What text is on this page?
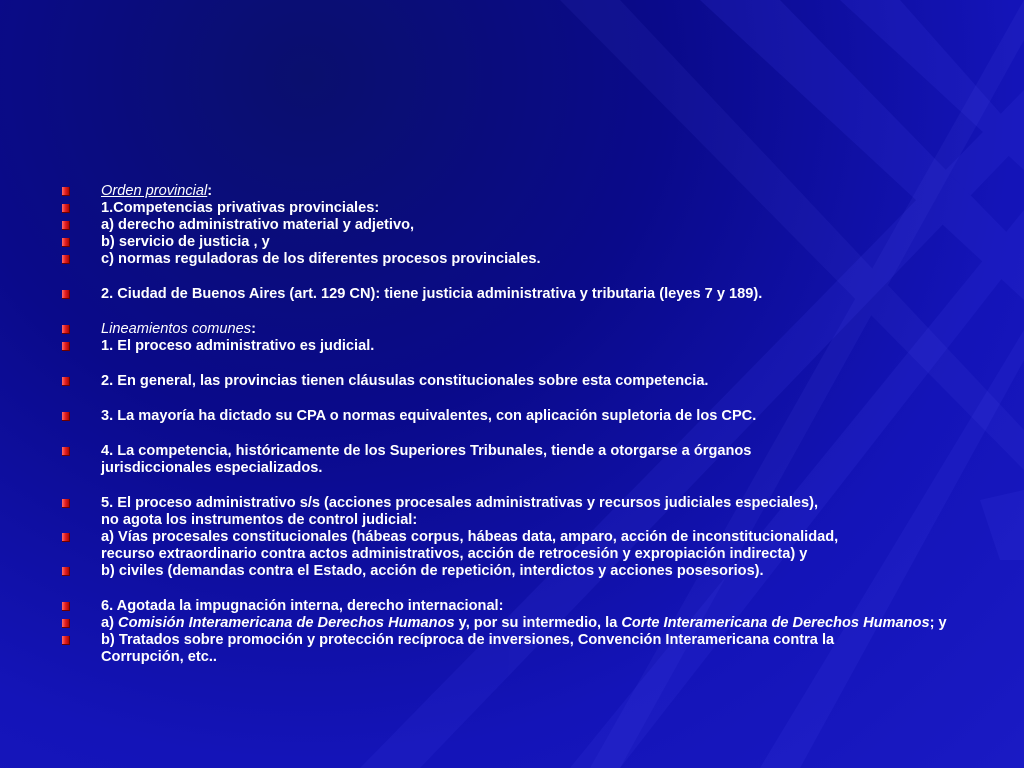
Orden provincial:
1.Competencias privativas provinciales:
a) derecho administrativo material y adjetivo,
b) servicio de justicia , y
c) normas reguladoras de los diferentes procesos provinciales.
2. Ciudad de Buenos Aires (art. 129 CN): tiene justicia administrativa y tributaria (leyes 7 y 189).
Lineamientos comunes:
1. El proceso administrativo es judicial.
2. En general, las provincias tienen cláusulas constitucionales sobre esta competencia.
3. La mayoría ha dictado su CPA o normas equivalentes, con aplicación supletoria de los CPC.
4. La competencia, históricamente de los Superiores Tribunales, tiende a otorgarse a órganos
jurisdiccionales especializados.
5. El proceso administrativo s/s (acciones procesales administrativas y recursos judiciales especiales),
no agota los instrumentos de control judicial:
a) Vías procesales constitucionales (hábeas corpus, hábeas data, amparo, acción de inconstitucionalidad,
recurso extraordinario contra actos administrativos, acción de retrocesión y expropiación indirecta) y
b) civiles (demandas contra el Estado, acción de repetición, interdictos y acciones posesorios).
6. Agotada la impugnación interna, derecho internacional:
a) Comisión Interamericana de Derechos Humanos y, por su intermedio, la Corte Interamericana de Derechos Humanos; y
b) Tratados sobre promoción y protección recíproca de inversiones, Convención Interamericana contra la
Corrupción, etc..
